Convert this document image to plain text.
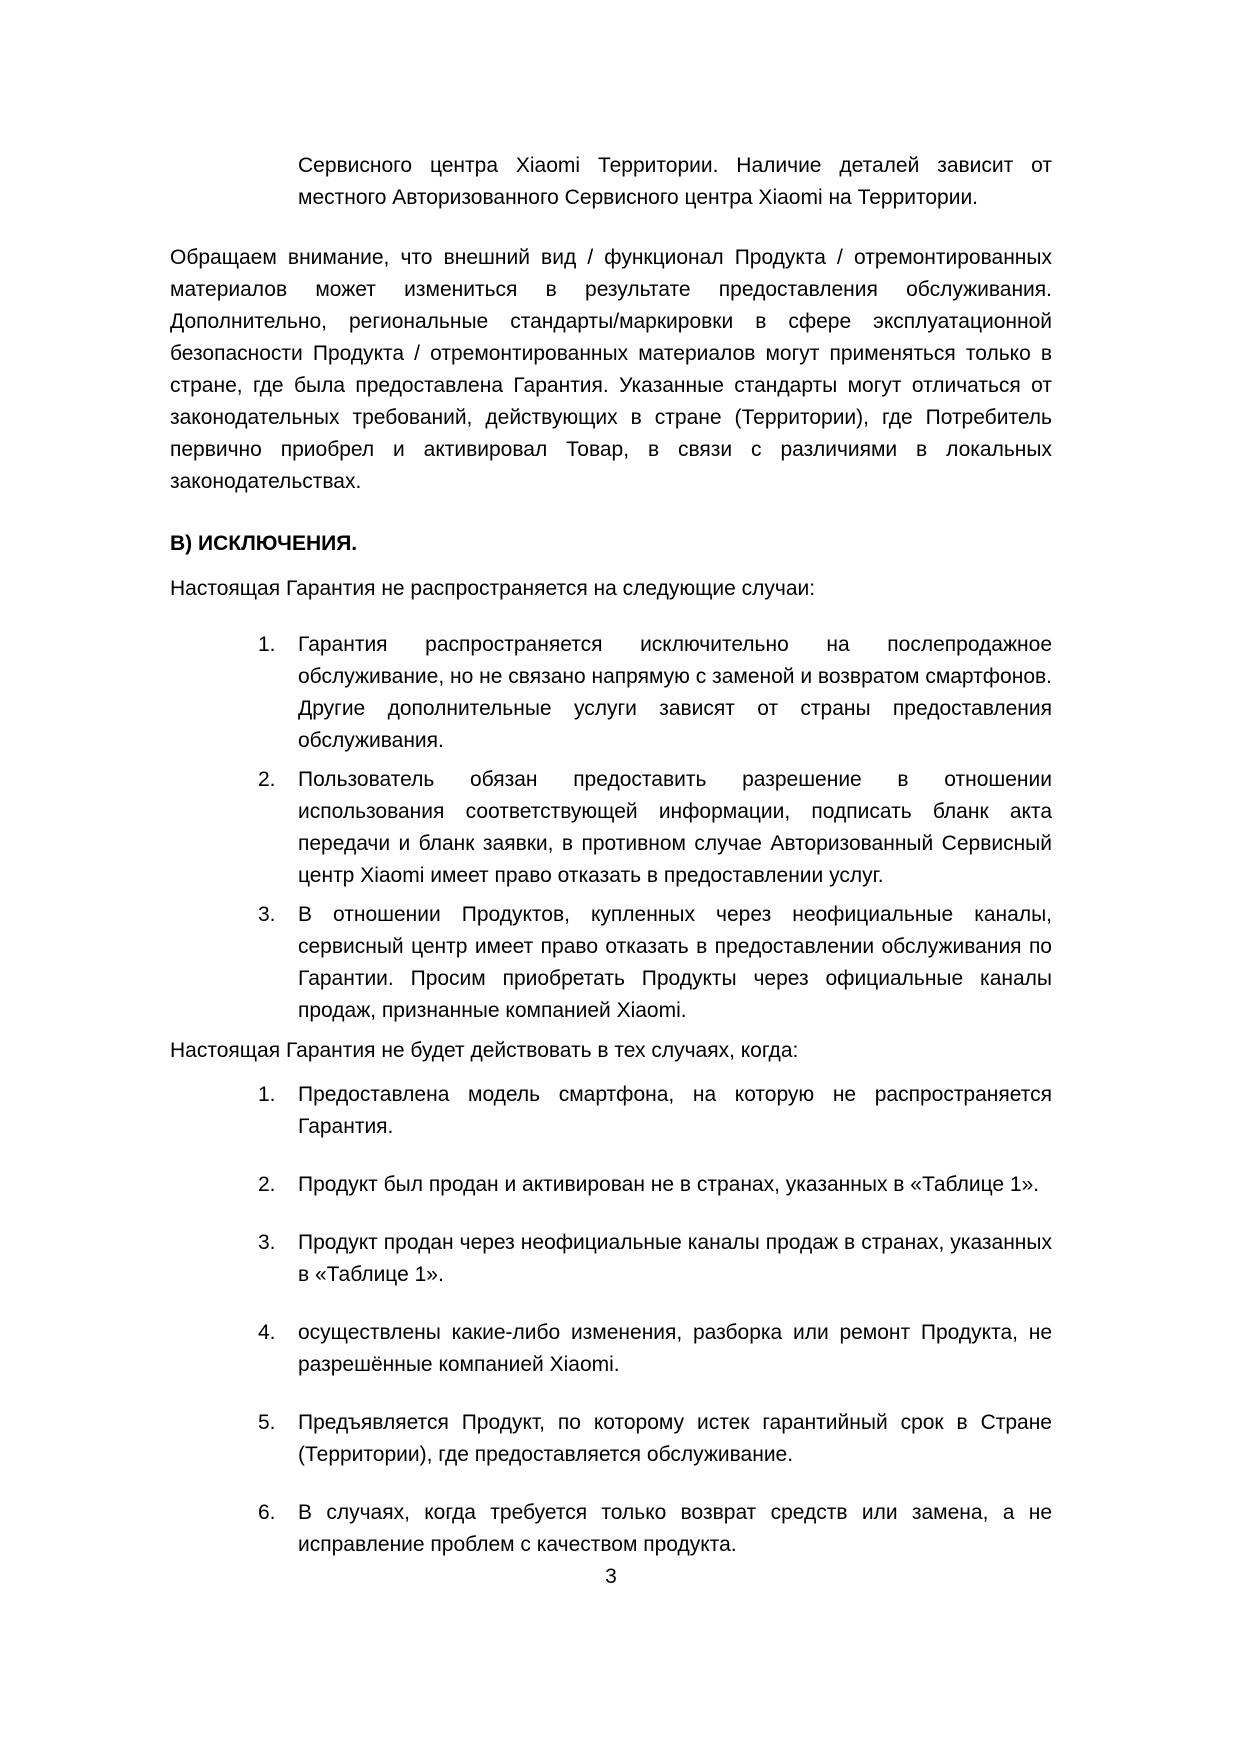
Сервисного центра Xiaomi Территории. Наличие деталей зависит от местного Авторизованного Сервисного центра Xiaomi на Территории.

Обращаем внимание, что внешний вид / функционал Продукта / отремонтированных материалов может измениться в результате предоставления обслуживания. Дополнительно, региональные стандарты/маркировки в сфере эксплуатационной безопасности Продукта / отремонтированных материалов могут применяться только в стране, где была предоставлена Гарантия. Указанные стандарты могут отличаться от законодательных требований, действующих в стране (Территории), где Потребитель первично приобрел и активировал Товар, в связи с различиями в локальных законодательствах.

В) ИСКЛЮЧЕНИЯ.

Настоящая Гарантия не распространяется на следующие случаи:

1. Гарантия распространяется исключительно на послепродажное обслуживание, но не связано напрямую с заменой и возвратом смартфонов. Другие дополнительные услуги зависят от страны предоставления обслуживания.
2. Пользователь обязан предоставить разрешение в отношении использования соответствующей информации, подписать бланк акта передачи и бланк заявки, в противном случае Авторизованный Сервисный центр Xiaomi имеет право отказать в предоставлении услуг.
3. В отношении Продуктов, купленных через неофициальные каналы, сервисный центр имеет право отказать в предоставлении обслуживания по Гарантии. Просим приобретать Продукты через официальные каналы продаж, признанные компанией Xiaomi.

Настоящая Гарантия не будет действовать в тех случаях, когда:

1. Предоставлена модель смартфона, на которую не распространяется Гарантия.
2. Продукт был продан и активирован не в странах, указанных в «Таблице 1».
3. Продукт продан через неофициальные каналы продаж в странах, указанных в «Таблице 1».
4. осуществлены какие-либо изменения, разборка или ремонт Продукта, не разрешённые компанией Xiaomi.
5. Предъявляется Продукт, по которому истек гарантийный срок в Стране (Территории), где предоставляется обслуживание.
6. В случаях, когда требуется только возврат средств или замена, а не исправление проблем с качеством продукта.

3
